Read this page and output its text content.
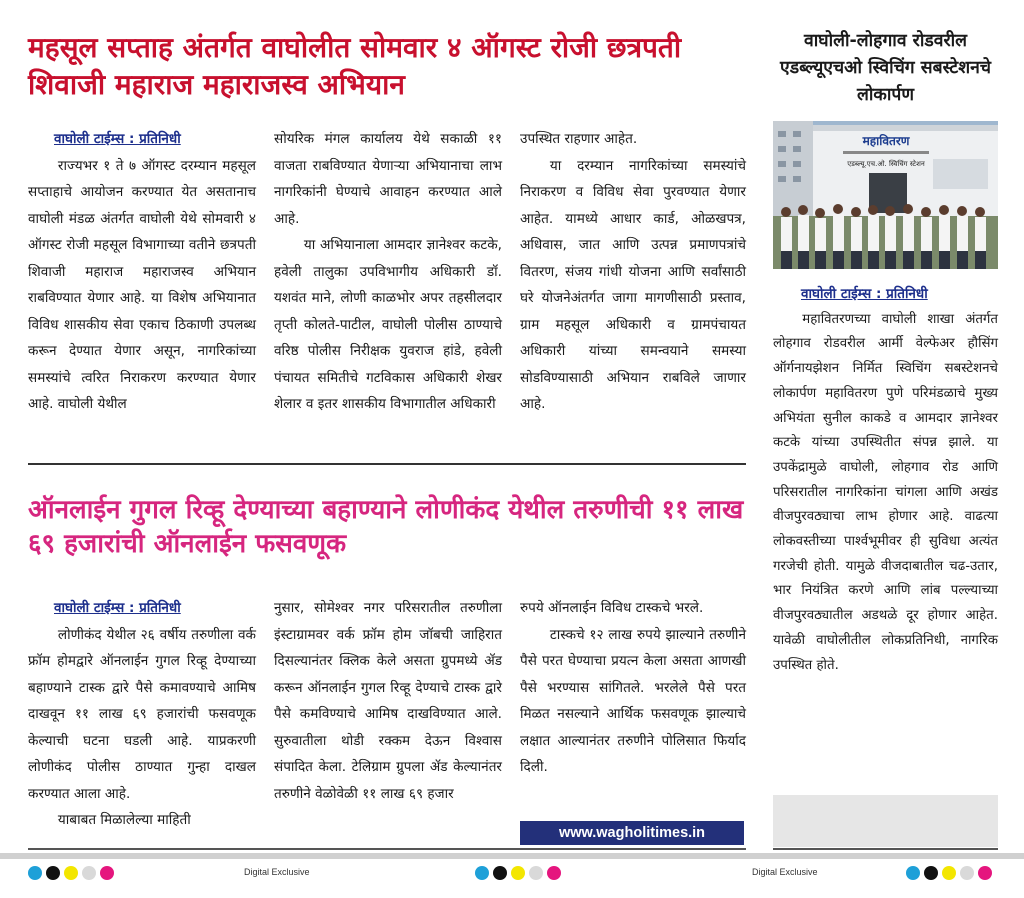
महसूल सप्ताह अंतर्गत वाघोलीत सोमवार ४ ऑगस्ट रोजी छत्रपती शिवाजी महाराज महाराजस्व अभियान
वाघोली टाईम्स : प्रतिनिधी

राज्यभर १ ते ७ ऑगस्ट दरम्यान महसूल सप्ताहाचे आयोजन करण्यात येत असतानाच वाघोली मंडळ अंतर्गत वाघोली येथे सोमवारी ४ ऑगस्ट रोजी महसूल विभागाच्या वतीने छत्रपती शिवाजी महाराज महाराजस्व अभियान राबविण्यात येणार आहे. या विशेष अभियानात विविध शासकीय सेवा एकाच ठिकाणी उपलब्ध करून देण्यात येणार असून, नागरिकांच्या समस्यांचे त्वरित निराकरण करण्यात येणार आहे. वाघोली येथील

सोयरिक मंगल कार्यालय येथे सकाळी ११ वाजता राबविण्यात येणाऱ्या अभियानाचा लाभ नागरिकांनी घेण्याचे आवाहन करण्यात आले आहे.

या अभियानाला आमदार ज्ञानेश्वर कटके, हवेली तालुका उपविभागीय अधिकारी डॉ. यशवंत माने, लोणी काळभोर अपर तहसीलदार तृप्ती कोलते-पाटील, वाघोली पोलीस ठाण्याचे वरिष्ठ पोलीस निरीक्षक युवराज हांडे, हवेली पंचायत समितीचे गटविकास अधिकारी शेखर शेलार व इतर शासकीय विभागातील अधिकारी

उपस्थित राहणार आहेत.

या दरम्यान नागरिकांच्या समस्यांचे निराकरण व विविध सेवा पुरवण्यात येणार आहेत. यामध्ये आधार कार्ड, ओळखपत्र, अधिवास, जात आणि उत्पन्न प्रमाणपत्रांचे वितरण, संजय गांधी योजना आणि सर्वांसाठी घरे योजनेअंतर्गत जागा मागणीसाठी प्रस्ताव, ग्राम महसूल अधिकारी व ग्रामपंचायत अधिकारी यांच्या समन्वयाने समस्या सोडविण्यासाठी अभियान राबविले जाणार आहे.

ऑनलाईन गुगल रिव्हू देण्याच्या बहाण्याने लोणीकंद येथील तरुणीची ११ लाख ६९ हजारांची ऑनलाईन फसवणूक
वाघोली टाईम्स : प्रतिनिधी

लोणीकंद येथील २६ वर्षीय तरुणीला वर्क फ्रॉम होमद्वारे ऑनलाईन गुगल रिव्हू देण्याच्या बहाण्याने टास्क द्वारे पैसे कमावण्याचे आमिष दाखवून ११ लाख ६९ हजारांची फसवणूक केल्याची घटना घडली आहे. याप्रकरणी लोणीकंद पोलीस ठाण्यात गुन्हा दाखल करण्यात आला आहे.

याबाबत मिळालेल्या माहिती

नुसार, सोमेश्वर नगर परिसरातील तरुणीला इंस्टाग्रामवर वर्क फ्रॉम होम जॉबची जाहिरात दिसल्यानंतर क्लिक केले असता ग्रुपमध्ये ॲड करून ऑनलाईन गुगल रिव्हू देण्याचे टास्क द्वारे पैसे कमविण्याचे आमिष दाखविण्यात आले. सुरुवातीला थोडी रक्कम देऊन विश्वास संपादित केला. टेलिग्राम ग्रुपला ॲड केल्यानंतर तरुणीने वेळोवेळी ११ लाख ६९ हजार

रुपये ऑनलाईन विविध टास्कचे भरले.

टास्कचे १२ लाख रुपये झाल्याने तरुणीने पैसे परत घेण्याचा प्रयत्न केला असता आणखी पैसे भरण्यास सांगितले. भरलेले पैसे परत मिळत नसल्याने आर्थिक फसवणूक झाल्याचे लक्षात आल्यानंतर तरुणीने पोलिसात फिर्याद दिली.

www.wagholitimes.in
वाघोली-लोहगाव रोडवरील एडब्ल्यूएचओ स्विचिंग सबस्टेशनचे लोकार्पण
महावितरण
एडब्ल्यू.एच.ओ. स्विचिंग स्टेशन
वाघोली टाईम्स : प्रतिनिधी

महावितरणच्या वाघोली शाखा अंतर्गत लोहगाव रोडवरील आर्मी वेल्फेअर हौसिंग ऑर्गनायझेशन निर्मित स्विचिंग सबस्टेशनचे लोकार्पण महावितरण पुणे परिमंडळाचे मुख्य अभियंता सुनील काकडे व आमदार ज्ञानेश्वर कटके यांच्या उपस्थितीत संपन्न झाले. या उपकेंद्रामुळे वाघोली, लोहगाव रोड आणि परिसरातील नागरिकांना चांगला आणि अखंड वीजपुरवठ्याचा लाभ होणार आहे. वाढत्या लोकवस्तीच्या पार्श्वभूमीवर ही सुविधा अत्यंत गरजेची होती. यामुळे वीजदाबातील चढ-उतार, भार नियंत्रित करणे आणि लांब पल्ल्याच्या वीजपुरवठ्यातील अडथळे दूर होणार आहेत. यावेळी वाघोलीतील लोकप्रतिनिधी, नागरिक उपस्थित होते.

Digital Exclusive	Digital Exclusive
